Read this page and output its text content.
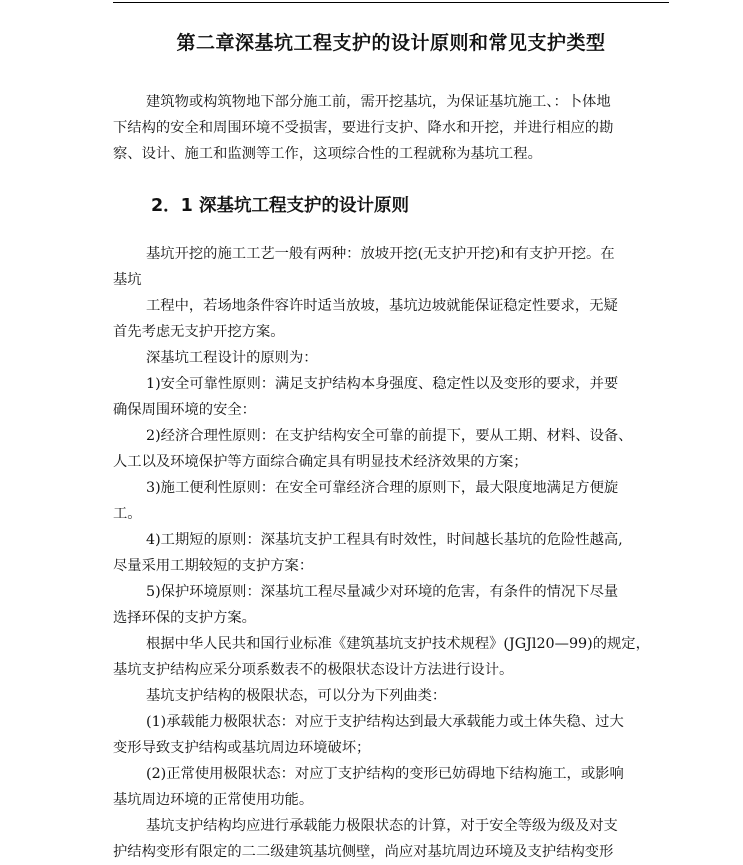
第二章深基坑工程支护的设计原则和常见支护类型
建筑物或构筑物地下部分施工前，需开挖基坑，为保证基坑施工、：卜体地
下结构的安全和周围环境不受损害，要进行支护、降水和开挖，并进行相应的勘
察、设计、施工和监测等工作，这项综合性的工程就称为基坑工程。
2．1 深基坑工程支护的设计原则
基坑开挖的施工工艺一般有两种：放坡开挖(无支护开挖)和有支护开挖。在
基坑
工程中，若场地条件容许时适当放坡，基坑边坡就能保证稳定性要求，无疑
首先考虑无支护开挖方案。
深基坑工程设计的原则为：
1)安全可靠性原则：满足支护结构本身强度、稳定性以及变形的要求，并要
确保周围环境的安全：
2)经济合理性原则：在支护结构安全可靠的前提下，要从工期、材料、设备、
人工以及环境保护等方面综合确定具有明显技术经济效果的方案；
3)施工便利性原则：在安全可靠经济合理的原则下，最大限度地满足方便旋
工。
4)工期短的原则：深基坑支护工程具有时效性，时间越长基坑的危险性越高,
尽量采用工期较短的支护方案：
5)保护环境原则：深基坑工程尽量减少对环境的危害，有条件的情况下尽量
选择环保的支护方案。
根据中华人民共和国行业标准《建筑基坑支护技术规程》(JGJl20—99)的规定，
基坑支护结构应采分项系数表不的极限状态设计方法进行设计。
基坑支护结构的极限状态，可以分为下列曲类：
(1)承载能力极限状态：对应于支护结构达到最大承载能力或土体失稳、过大
变形导致支护结构或基坑周边环境破坏；
(2)正常使用极限状态：对应丁支护结构的变形已妨碍地下结构施工，或影响
基坑周边环境的正常使用功能。
基坑支护结构均应进行承载能力极限状态的计算，对于安全等级为级及对支
护结构变形有限定的二二级建筑基坑侧壁，尚应对基坑周边环境及支护结构变形
